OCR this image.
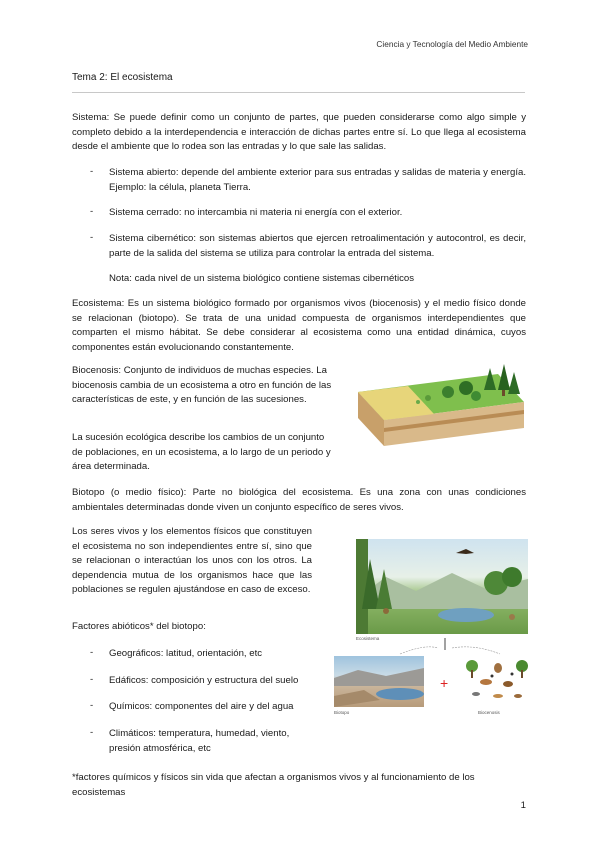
Ciencia y Tecnología del Medio Ambiente
Tema 2: El ecosistema

Sistema: Se puede definir como un conjunto de partes, que pueden considerarse como algo simple y completo debido a la interdependencia e interacción de dichas partes entre sí. Lo que llega al ecosistema desde el ambiente que lo rodea son las entradas y lo que sale las salidas.

- Sistema abierto: depende del ambiente exterior para sus entradas y salidas de materia y energía. Ejemplo: la célula, planeta Tierra.

- Sistema cerrado: no intercambia ni materia ni energía con el exterior.

- Sistema cibernético: son sistemas abiertos que ejercen retroalimentación y autocontrol, es decir, parte de la salida del sistema se utiliza para controlar la entrada del sistema.

Nota: cada nivel de un sistema biológico contiene sistemas cibernéticos

Ecosistema: Es un sistema biológico formado por organismos vivos (biocenosis) y el medio físico donde se relacionan (biotopo). Se trata de una unidad compuesta de organismos interdependientes que comparten el mismo hábitat. Se debe considerar al ecosistema como una entidad dinámica, cuyos componentes están evolucionando constantemente.

Biocenosis: Conjunto de individuos de muchas especies. La biocenosis cambia de un ecosistema a otro en función de las características de este, y en función de las sucesiones.

La sucesión ecológica describe los cambios de un conjunto de poblaciones, en un ecosistema, a lo largo de un periodo y área determinada.

Biotopo (o medio físico): Parte no biológica del ecosistema. Es una zona con unas condiciones ambientales determinadas donde viven un conjunto específico de seres vivos.

Los seres vivos y los elementos físicos que constituyen el ecosistema no son independientes entre sí, sino que se relacionan o interactúan los unos con los otros. La dependencia mutua de los organismos hace que las poblaciones se regulen ajustándose en caso de exceso.

Ecosistema

Factores abióticos* del biotopo:

- Geográficos: latitud, orientación, etc

- Edáficos: composición y estructura del suelo

- Químicos: componentes del aire y del agua

- Climáticos: temperatura, humedad, viento, presión atmosférica, etc

Biotopo
+
Biocenosis

*factores químicos y físicos sin vida que afectan a organismos vivos y al funcionamiento de los ecosistemas

1
